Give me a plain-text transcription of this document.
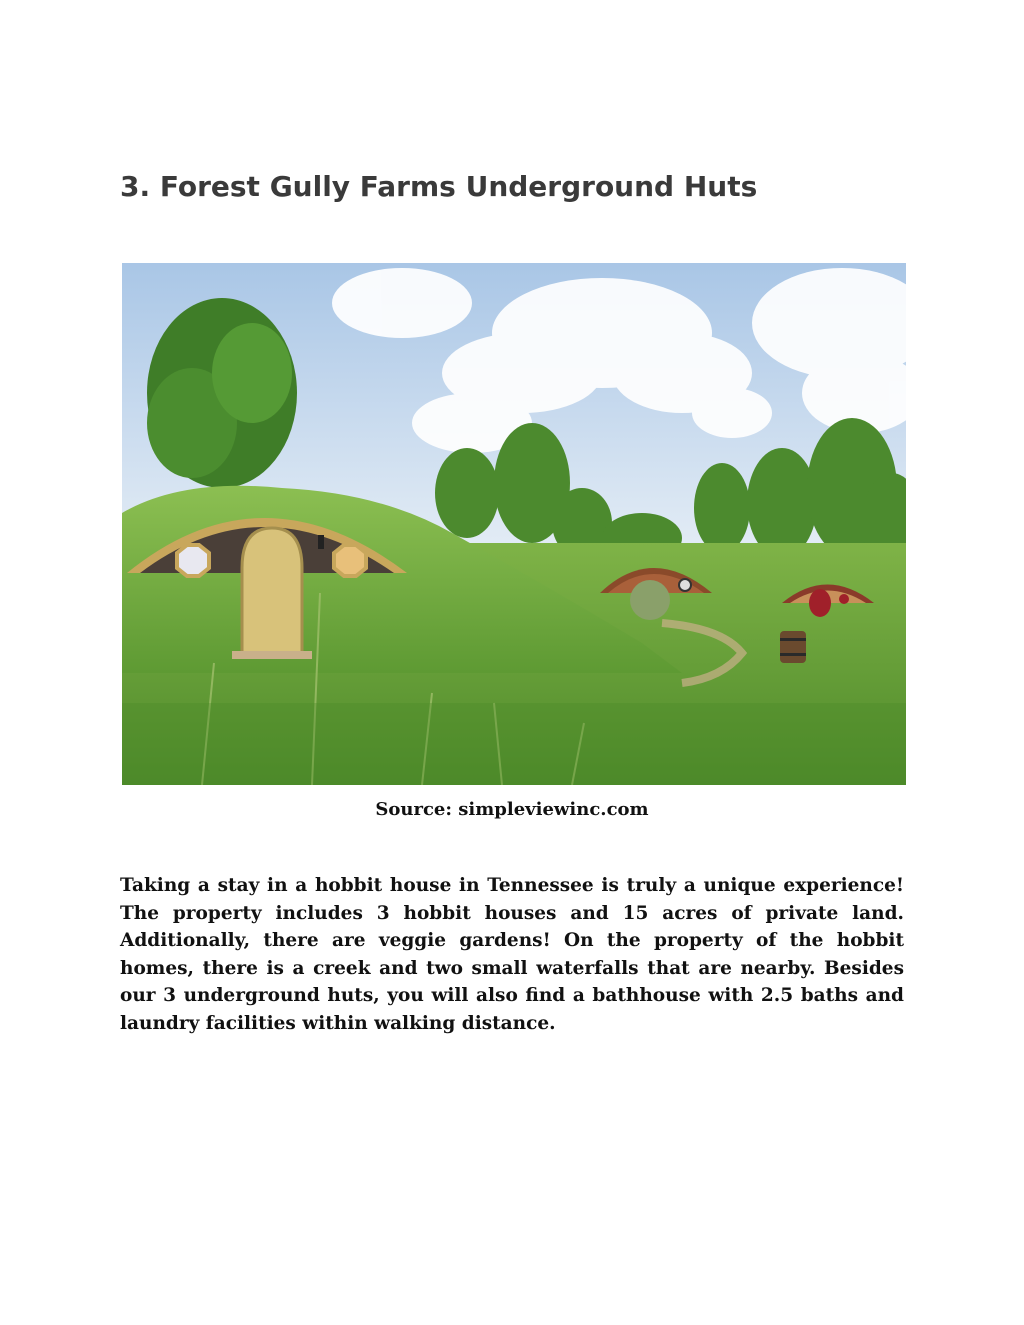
3. Forest Gully Farms Underground Huts
Source: simpleviewinc.com

Taking a stay in a hobbit house in Tennessee is truly a unique experience! The property includes 3 hobbit houses and 15 acres of private land. Additionally, there are veggie gardens! On the property of the hobbit homes, there is a creek and two small waterfalls that are nearby. Besides our 3 underground huts, you will also find a bathhouse with 2.5 baths and laundry facilities within walking distance.
